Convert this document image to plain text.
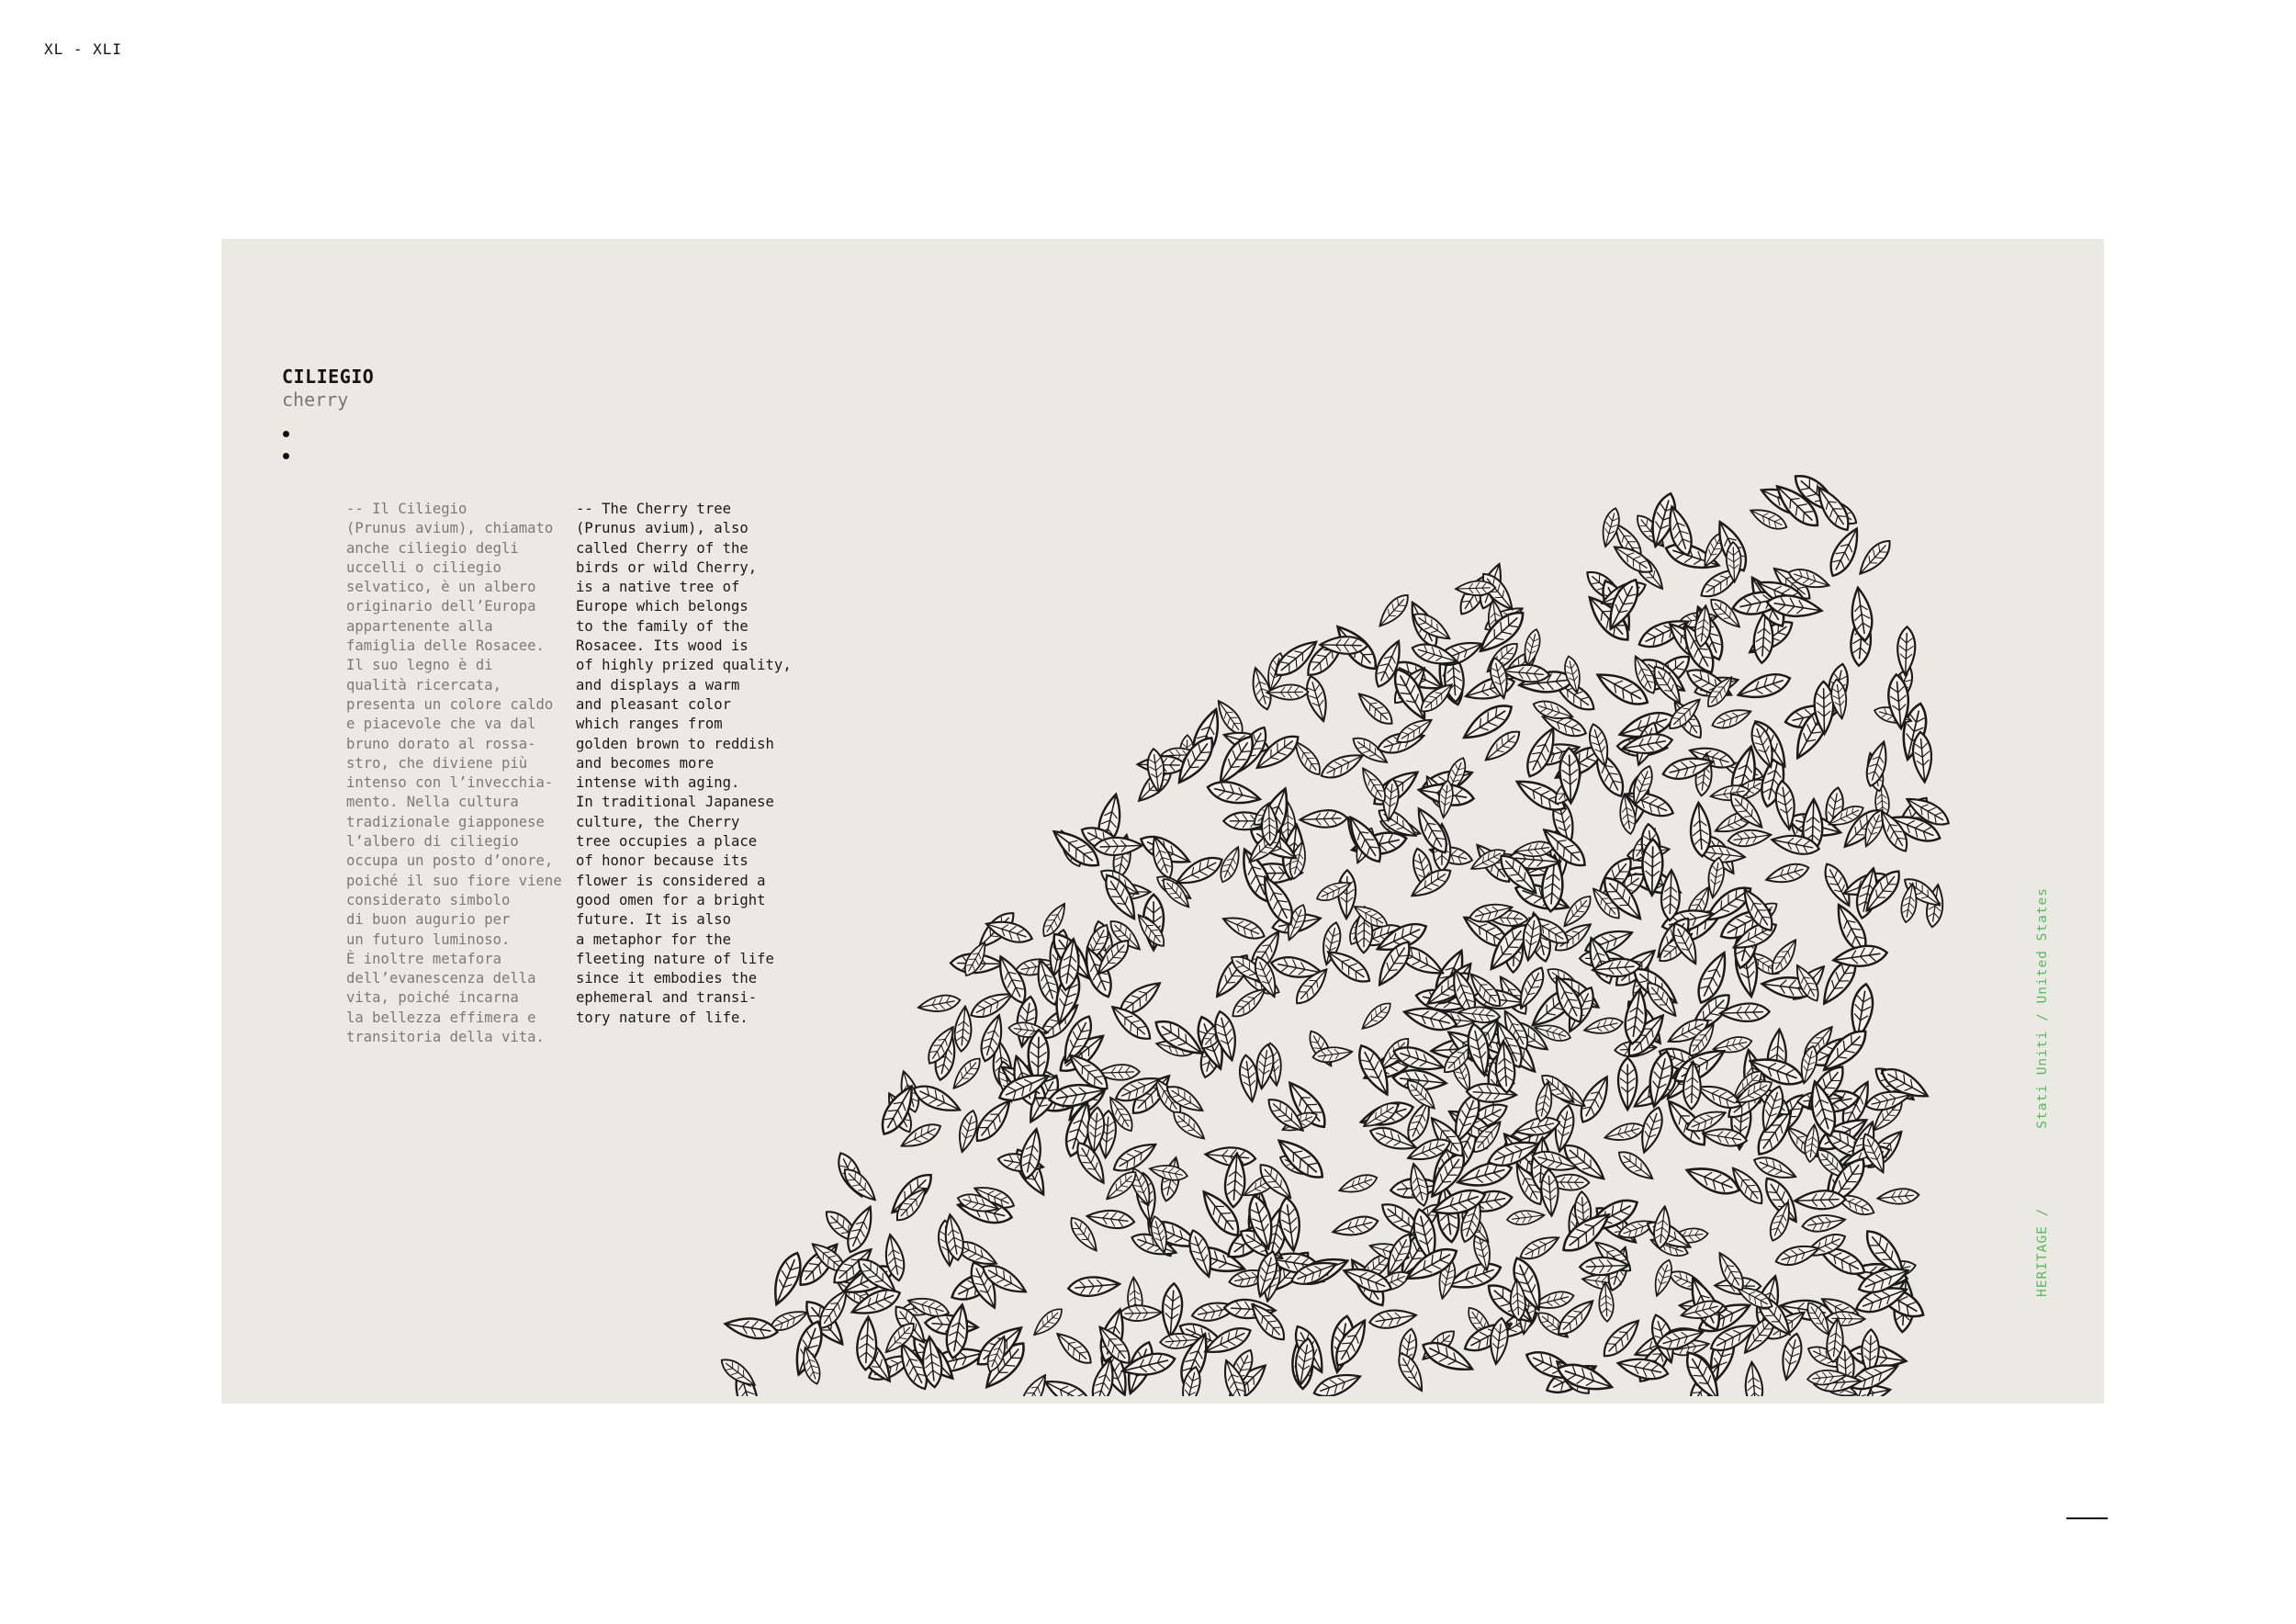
XL - XLI
CILIEGIO
cherry
-- Il Ciliegio
(Prunus avium), chiamato
anche ciliegio degli
uccelli o ciliegio
selvatico, è un albero
originario dell’Europa
appartenente alla
famiglia delle Rosacee.
Il suo legno è di
qualità ricercata,
presenta un colore caldo
e piacevole che va dal
bruno dorato al rossa-
stro, che diviene più
intenso con l’invecchia-
mento. Nella cultura
tradizionale giapponese
l’albero di ciliegio
occupa un posto d’onore,
poiché il suo fiore viene
considerato simbolo
di buon augurio per
un futuro luminoso.
È inoltre metafora
dell’evanescenza della
vita, poiché incarna
la bellezza effimera e
transitoria della vita.
-- The Cherry tree
(Prunus avium), also
called Cherry of the
birds or wild Cherry,
is a native tree of
Europe which belongs
to the family of the
Rosacee. Its wood is
of highly prized quality,
and displays a warm
and pleasant color
which ranges from
golden brown to reddish
and becomes more
intense with aging.
In traditional Japanese
culture, the Cherry
tree occupies a place
of honor because its
flower is considered a
good omen for a bright
future. It is also
a metaphor for the
fleeting nature of life
since it embodies the
ephemeral and transi-
tory nature of life.
HERITAGE /Stati Uniti / United States
